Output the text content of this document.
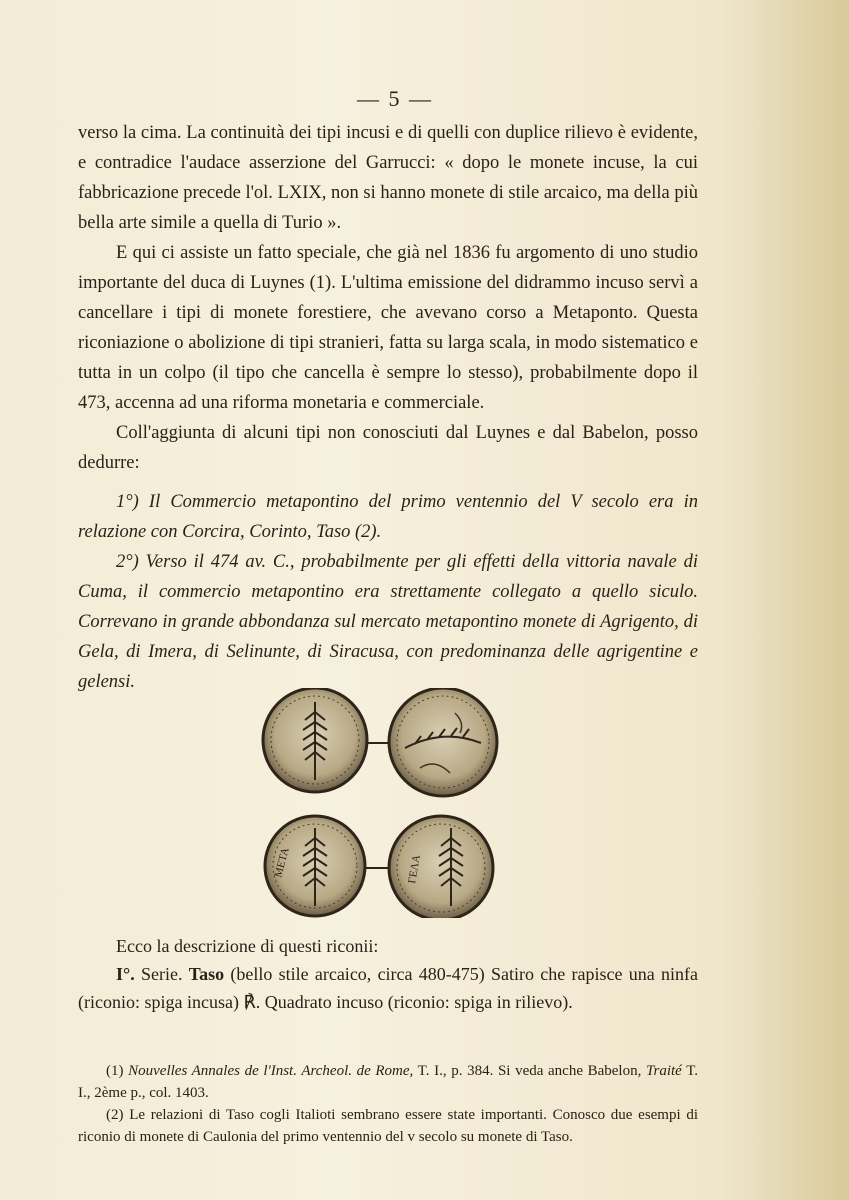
— 5 —

verso la cima. La continuità dei tipi incusi e di quelli con duplice rilievo è evidente, e contradice l'audace asserzione del Garrucci: « dopo le monete incuse, la cui fabbricazione precede l'ol. LXIX, non si hanno monete di stile arcaico, ma della più bella arte simile a quella di Turio ».

E qui ci assiste un fatto speciale, che già nel 1836 fu argomento di uno studio importante del duca di Luynes (1). L'ultima emissione del didrammo incuso servì a cancellare i tipi di monete forestiere, che avevano corso a Metaponto. Questa riconiazione o abolizione di tipi stranieri, fatta su larga scala, in modo sistematico e tutta in un colpo (il tipo che cancella è sempre lo stesso), probabilmente dopo il 473, accenna ad una riforma monetaria e commerciale.

Coll'aggiunta di alcuni tipi non conosciuti dal Luynes e dal Babelon, posso dedurre:

1°) Il Commercio metapontino del primo ventennio del V secolo era in relazione con Corcira, Corinto, Taso (2).

2°) Verso il 474 av. C., probabilmente per gli effetti della vittoria navale di Cuma, il commercio metapontino era strettamente collegato a quello siculo. Correvano in grande abbondanza sul mercato metapontino monete di Agrigento, di Gela, di Imera, di Selinunte, di Siracusa, con predominanza delle agrigentine e gelensi.

ΜΕΤΑ	ΓΕΛΑ

Ecco la descrizione di questi riconii:

I°. Serie. Taso (bello stile arcaico, circa 480-475) Satiro che rapisce una ninfa (riconio: spiga incusa) ℟. Quadrato incuso (riconio: spiga in rilievo).

(1) Nouvelles Annales de l'Inst. Archeol. de Rome, T. I., p. 384. Si veda anche Babelon, Traité T. I., 2ème p., col. 1403.

(2) Le relazioni di Taso cogli Italioti sembrano essere state importanti. Conosco due esempi di riconio di monete di Caulonia del primo ventennio del v secolo su monete di Taso.
